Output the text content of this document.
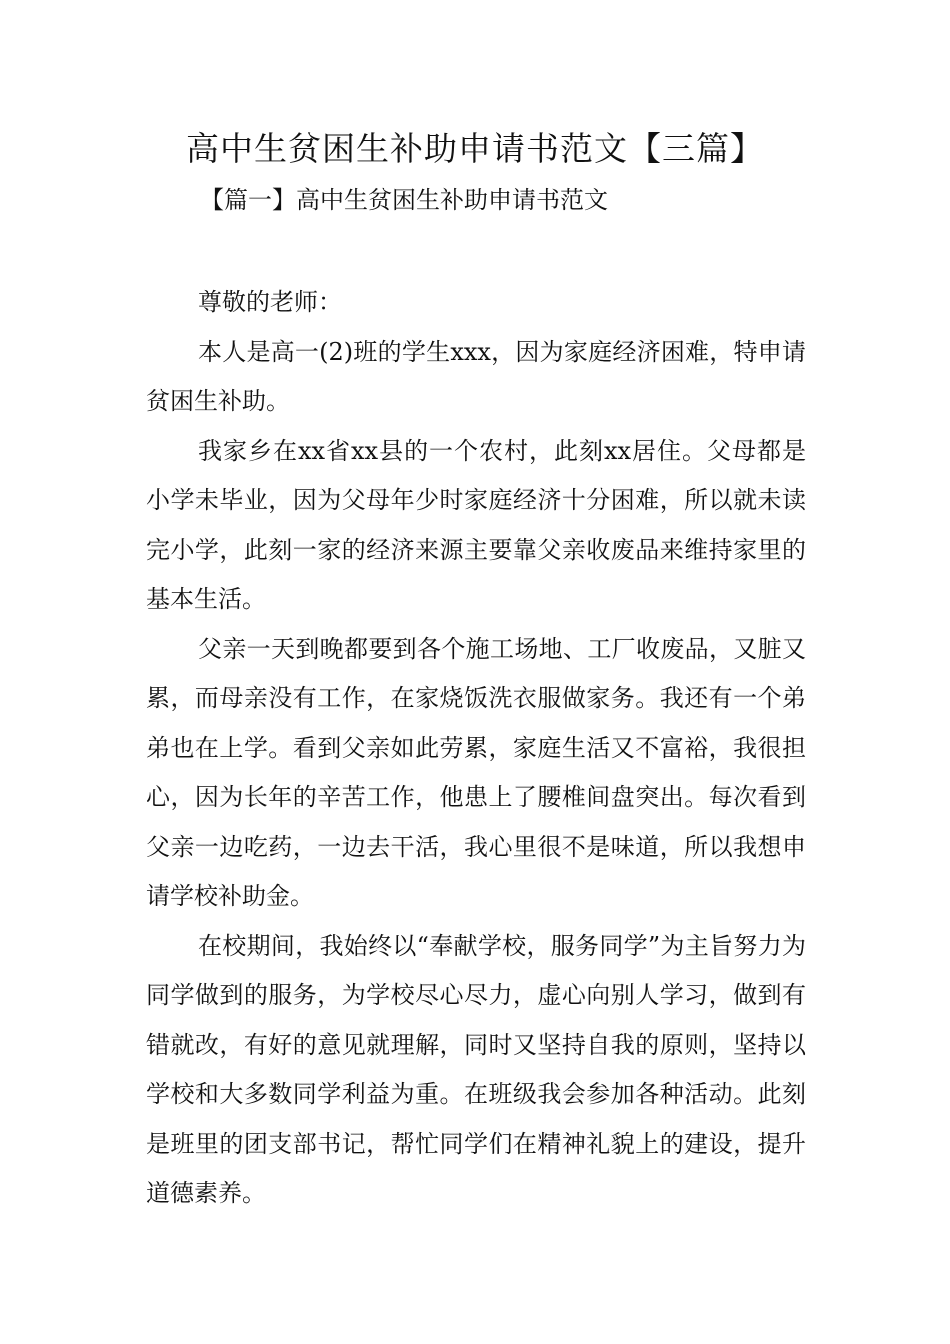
高中生贫困生补助申请书范文【三篇】
【篇一】高中生贫困生补助申请书范文

尊敬的老师：

本人是高一(2)班的学生xxx，因为家庭经济困难，特申请贫困生补助。

我家乡在xx省xx县的一个农村，此刻xx居住。父母都是小学未毕业，因为父母年少时家庭经济十分困难，所以就未读完小学，此刻一家的经济来源主要靠父亲收废品来维持家里的基本生活。

父亲一天到晚都要到各个施工场地、工厂收废品，又脏又累，而母亲没有工作，在家烧饭洗衣服做家务。我还有一个弟弟也在上学。看到父亲如此劳累，家庭生活又不富裕，我很担心，因为长年的辛苦工作，他患上了腰椎间盘突出。每次看到父亲一边吃药，一边去干活，我心里很不是味道，所以我想申请学校补助金。

在校期间，我始终以“奉献学校，服务同学”为主旨努力为同学做到的服务，为学校尽心尽力，虚心向别人学习，做到有错就改，有好的意见就理解，同时又坚持自我的原则，坚持以学校和大多数同学利益为重。在班级我会参加各种活动。此刻是班里的团支部书记，帮忙同学们在精神礼貌上的建设，提升道德素养。
